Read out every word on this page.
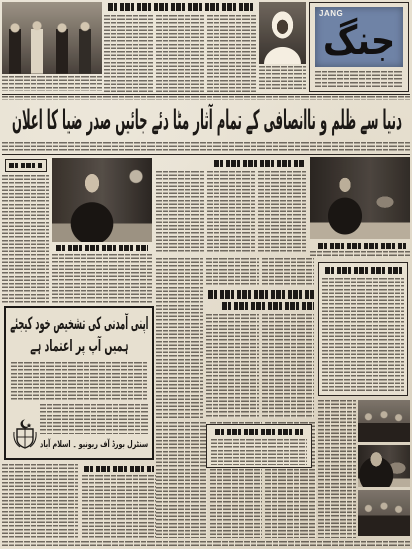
JANG
جنگ
دنیا سے ظلم و ناانصافی کے تمام آثار مٹا دئے جائیں صدر ضیا کا اعلان
اپنی آمدنی کی تشخیص خود کیجئے
ہمیں آپ پر اعتماد ہے
سنٹرل بورڈ آف ریونیو ۔ اسلام آباد
